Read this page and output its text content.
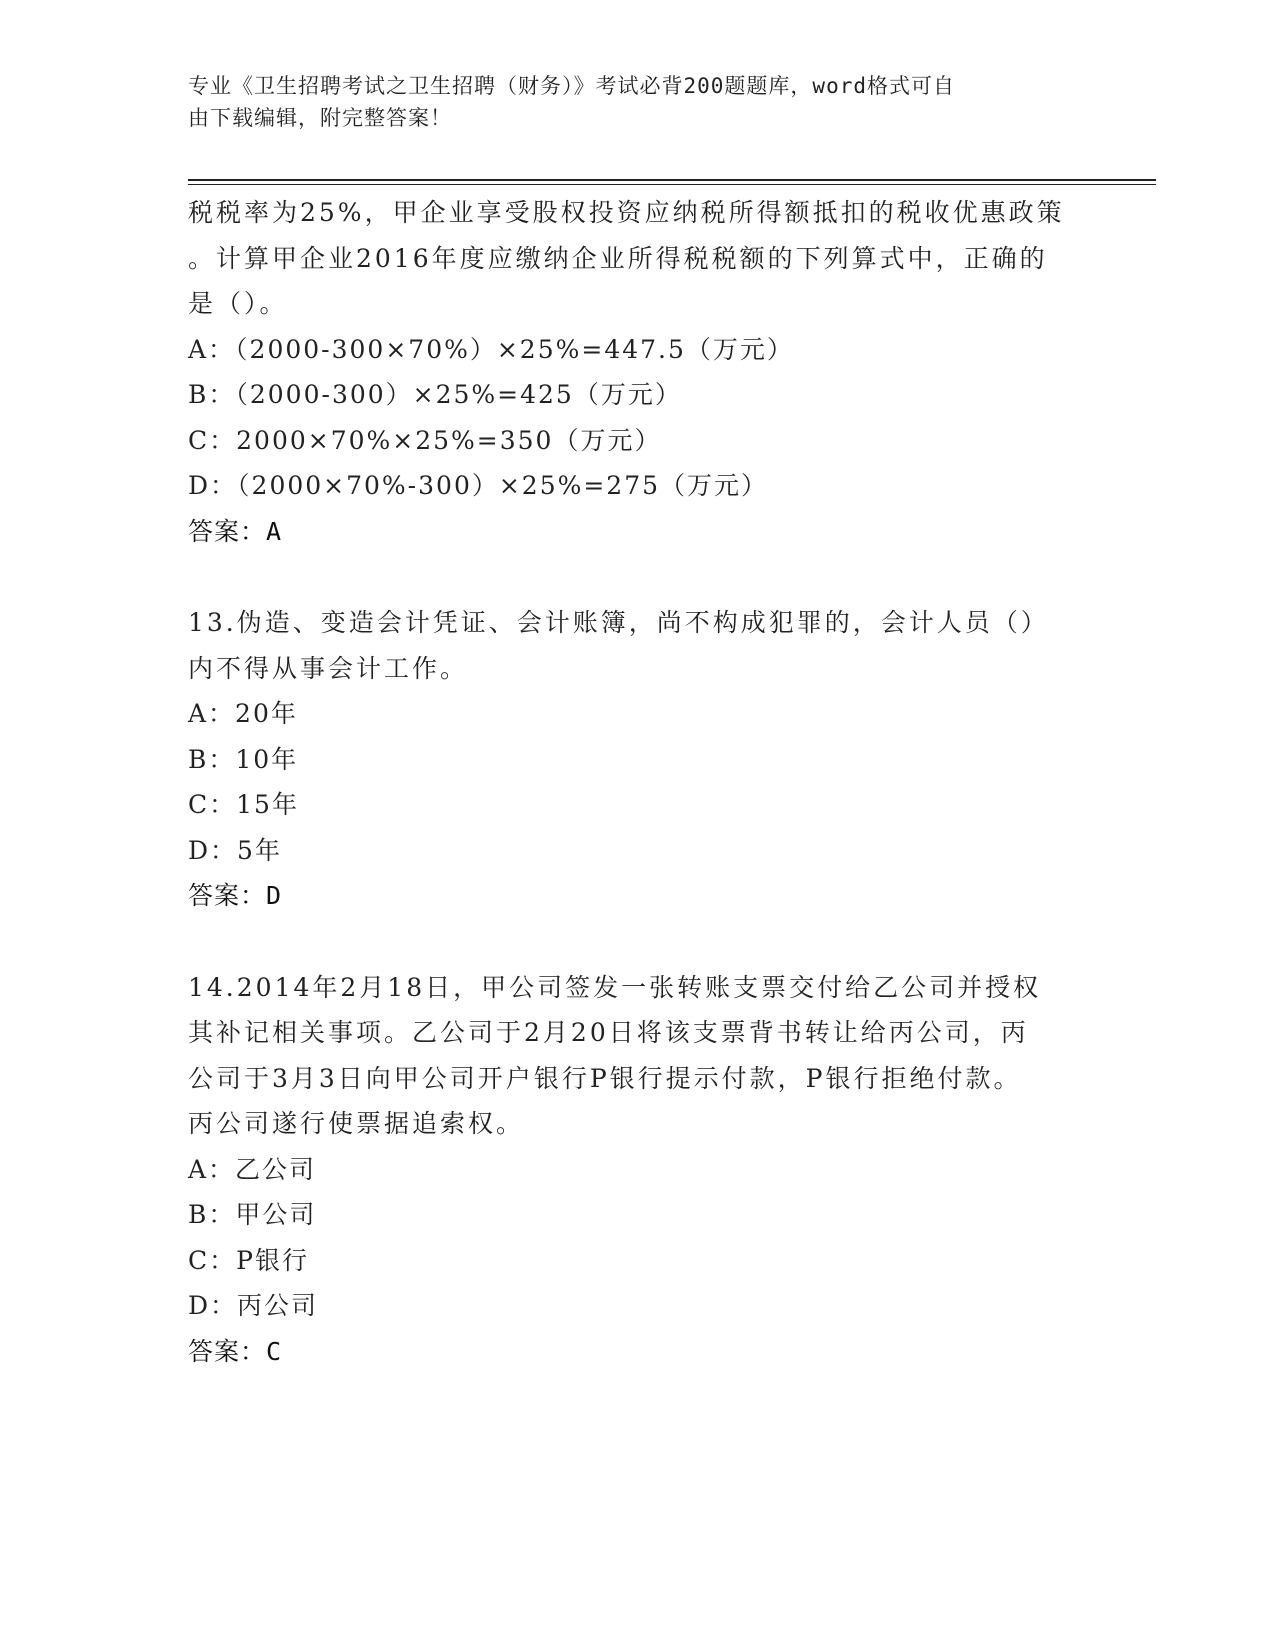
专业《卫生招聘考试之卫生招聘（财务）》考试必背200题题库，word格式可自
由下载编辑，附完整答案！
税税率为25%，甲企业享受股权投资应纳税所得额抵扣的税收优惠政策
。计算甲企业2016年度应缴纳企业所得税税额的下列算式中，正确的
是（）。
A：（2000-300×70%）×25%=447.5（万元）
B：（2000-300）×25%=425（万元）
C：2000×70%×25%=350（万元）
D：（2000×70%-300）×25%=275（万元）
答案：A
13.伪造、变造会计凭证、会计账簿，尚不构成犯罪的，会计人员（）
内不得从事会计工作。
A：20年
B：10年
C：15年
D：5年
答案：D
14.2014年2月18日，甲公司签发一张转账支票交付给乙公司并授权
其补记相关事项。乙公司于2月20日将该支票背书转让给丙公司，丙
公司于3月3日向甲公司开户银行P银行提示付款，P银行拒绝付款。
丙公司遂行使票据追索权。
A：乙公司
B：甲公司
C：P银行
D：丙公司
答案：C
